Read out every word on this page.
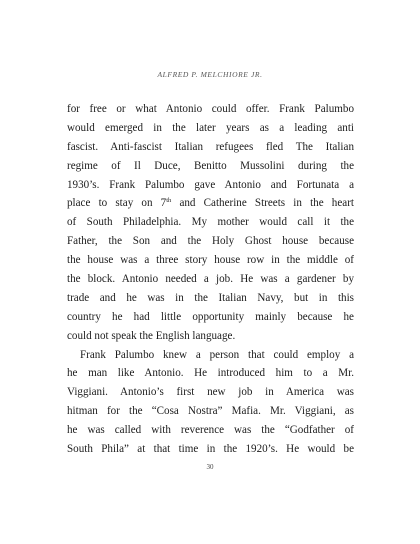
ALFRED P. MELCHIORE JR.
for free or what Antonio could offer. Frank Palumbo
would emerged in the later years as a leading anti
fascist. Anti-fascist Italian refugees fled The Italian
regime of Il Duce, Benitto Mussolini during the
1930’s. Frank Palumbo gave Antonio and Fortunata a
place to stay on 7th and Catherine Streets in the heart
of South Philadelphia. My mother would call it the
Father, the Son and the Holy Ghost house because
the house was a three story house row in the middle of
the block. Antonio needed a job. He was a gardener by
trade and he was in the Italian Navy, but in this
country he had little opportunity mainly because he
could not speak the English language.
Frank Palumbo knew a person that could employ a
he man like Antonio. He introduced him to a Mr.
Viggiani. Antonio’s first new job in America was
hitman for the “Cosa Nostra” Mafia. Mr. Viggiani, as
he was called with reverence was the “Godfather of
South Phila” at that time in the 1920’s. He would be
30
